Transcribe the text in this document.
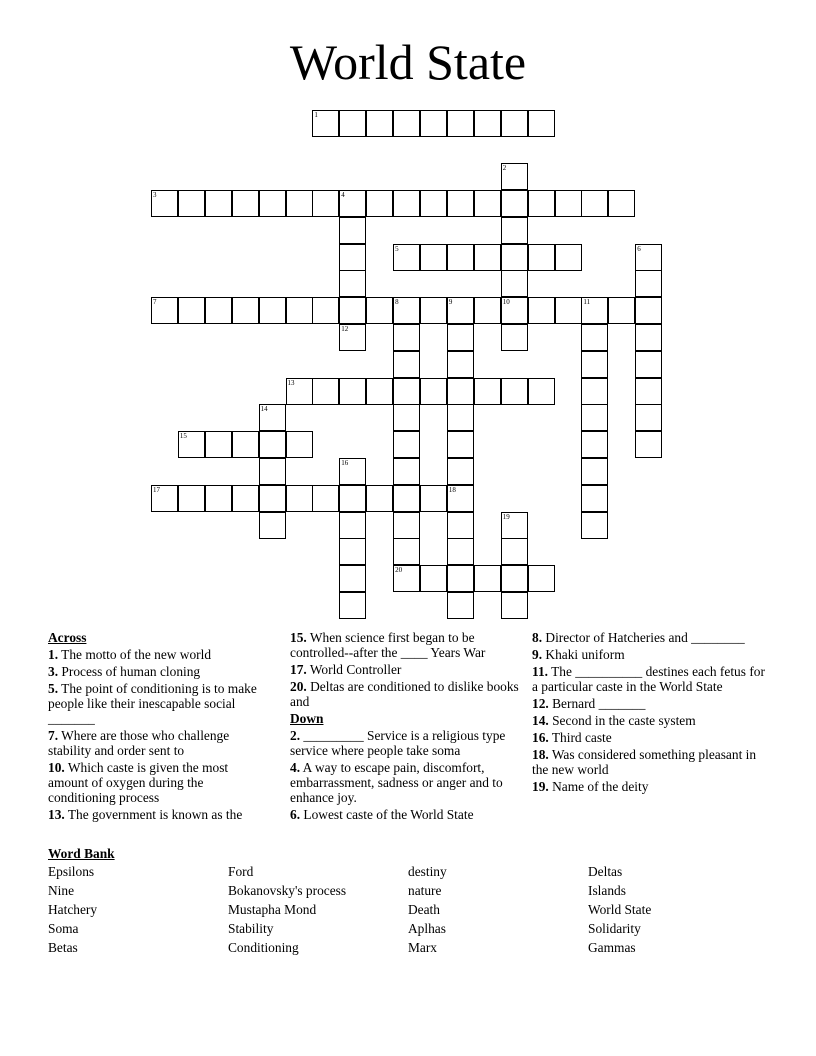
World State
1
3	4
5
7	8	9	10	11
13
15
17	18
20
2
12
6
14
16
19
Across
1. The motto of the new world
3. Process of human cloning
5. The point of conditioning is to make people like their inescapable social _______
7. Where are those who challenge stability and order sent to
10. Which caste is given the most amount of oxygen during the conditioning process
13. The government is known as the
15. When science first began to be controlled--after the ____ Years War
17. World Controller
20. Deltas are conditioned to dislike books and
Down
2. _________ Service is a religious type service where people take soma
4. A way to escape pain, discomfort, embarrassment, sadness or anger and to enhance joy.
6. Lowest caste of the World State
8. Director of Hatcheries and ________
9. Khaki uniform
11. The __________ destines each fetus for a particular caste in the World State
12. Bernard _______
14. Second in the caste system
16. Third caste
18. Was considered something pleasant in the new world
19. Name of the deity
Word Bank
Epsilons
Nine
Hatchery
Soma
Betas
Ford
Bokanovsky's process
Mustapha Mond
Stability
Conditioning
destiny
nature
Death
Aplhas
Marx
Deltas
Islands
World State
Solidarity
Gammas
